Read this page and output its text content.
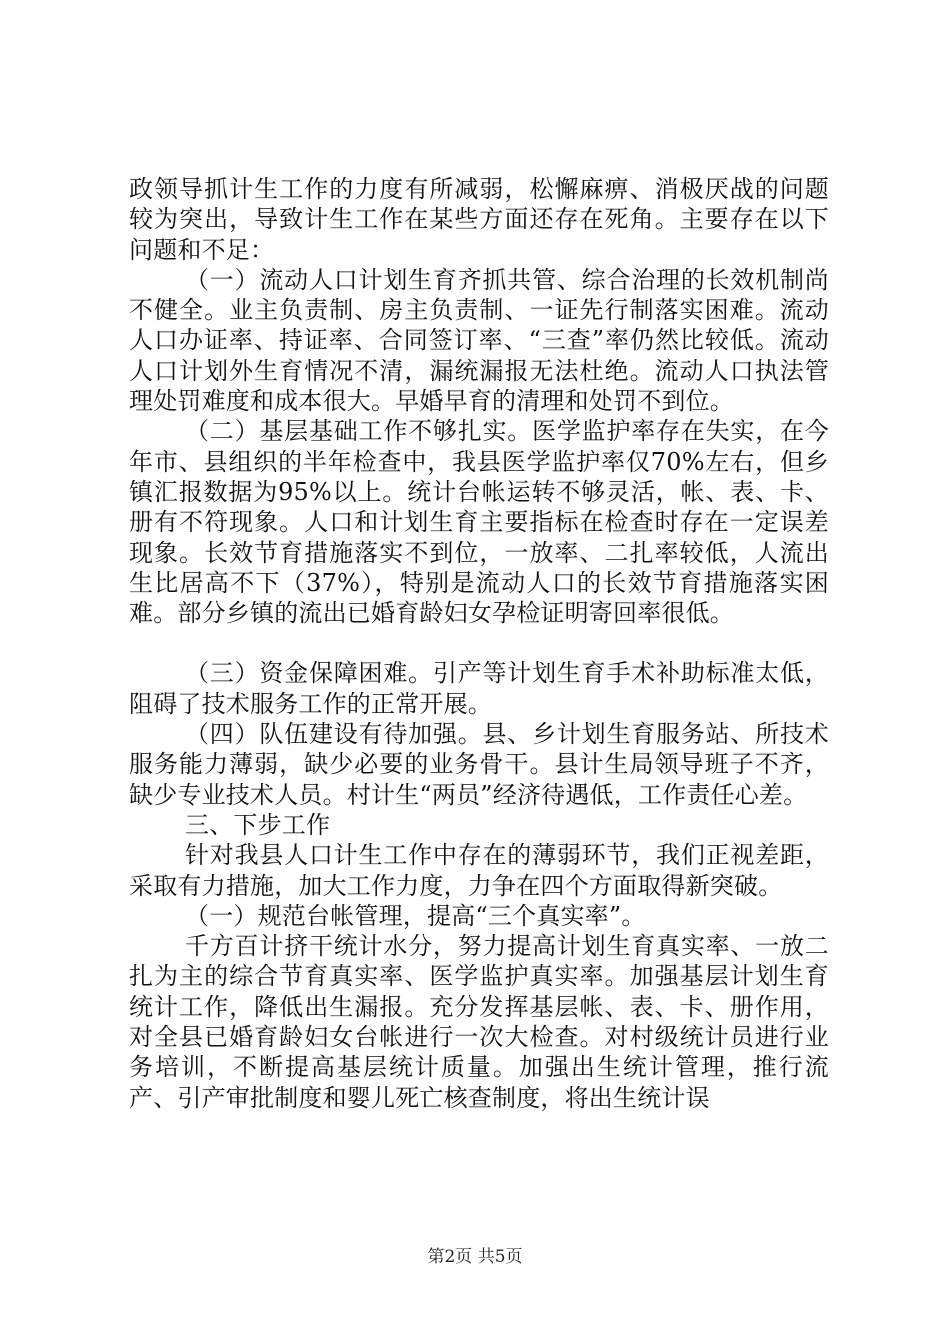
政领导抓计生工作的力度有所减弱，松懈麻痹、消极厌战的问题较为突出，导致计生工作在某些方面还存在死角。主要存在以下问题和不足：

（一）流动人口计划生育齐抓共管、综合治理的长效机制尚不健全。业主负责制、房主负责制、一证先行制落实困难。流动人口办证率、持证率、合同签订率、“三查”率仍然比较低。流动人口计划外生育情况不清，漏统漏报无法杜绝。流动人口执法管理处罚难度和成本很大。早婚早育的清理和处罚不到位。

（二）基层基础工作不够扎实。医学监护率存在失实，在今年市、县组织的半年检查中，我县医学监护率仅70%左右，但乡镇汇报数据为95%以上。统计台帐运转不够灵活，帐、表、卡、册有不符现象。人口和计划生育主要指标在检查时存在一定误差现象。长效节育措施落实不到位，一放率、二扎率较低，人流出生比居高不下（37%），特别是流动人口的长效节育措施落实困难。部分乡镇的流出已婚育龄妇女孕检证明寄回率很低。

（三）资金保障困难。引产等计划生育手术补助标准太低，阻碍了技术服务工作的正常开展。

（四）队伍建设有待加强。县、乡计划生育服务站、所技术服务能力薄弱，缺少必要的业务骨干。县计生局领导班子不齐，缺少专业技术人员。村计生“两员”经济待遇低，工作责任心差。

三、下步工作

针对我县人口计生工作中存在的薄弱环节，我们正视差距，采取有力措施，加大工作力度，力争在四个方面取得新突破。

（一）规范台帐管理，提高“三个真实率”。

千方百计挤干统计水分，努力提高计划生育真实率、一放二扎为主的综合节育真实率、医学监护真实率。加强基层计划生育统计工作，降低出生漏报。充分发挥基层帐、表、卡、册作用，对全县已婚育龄妇女台帐进行一次大检查。对村级统计员进行业务培训，不断提高基层统计质量。加强出生统计管理，推行流产、引产审批制度和婴儿死亡核查制度，将出生统计误

第2页 共5页
